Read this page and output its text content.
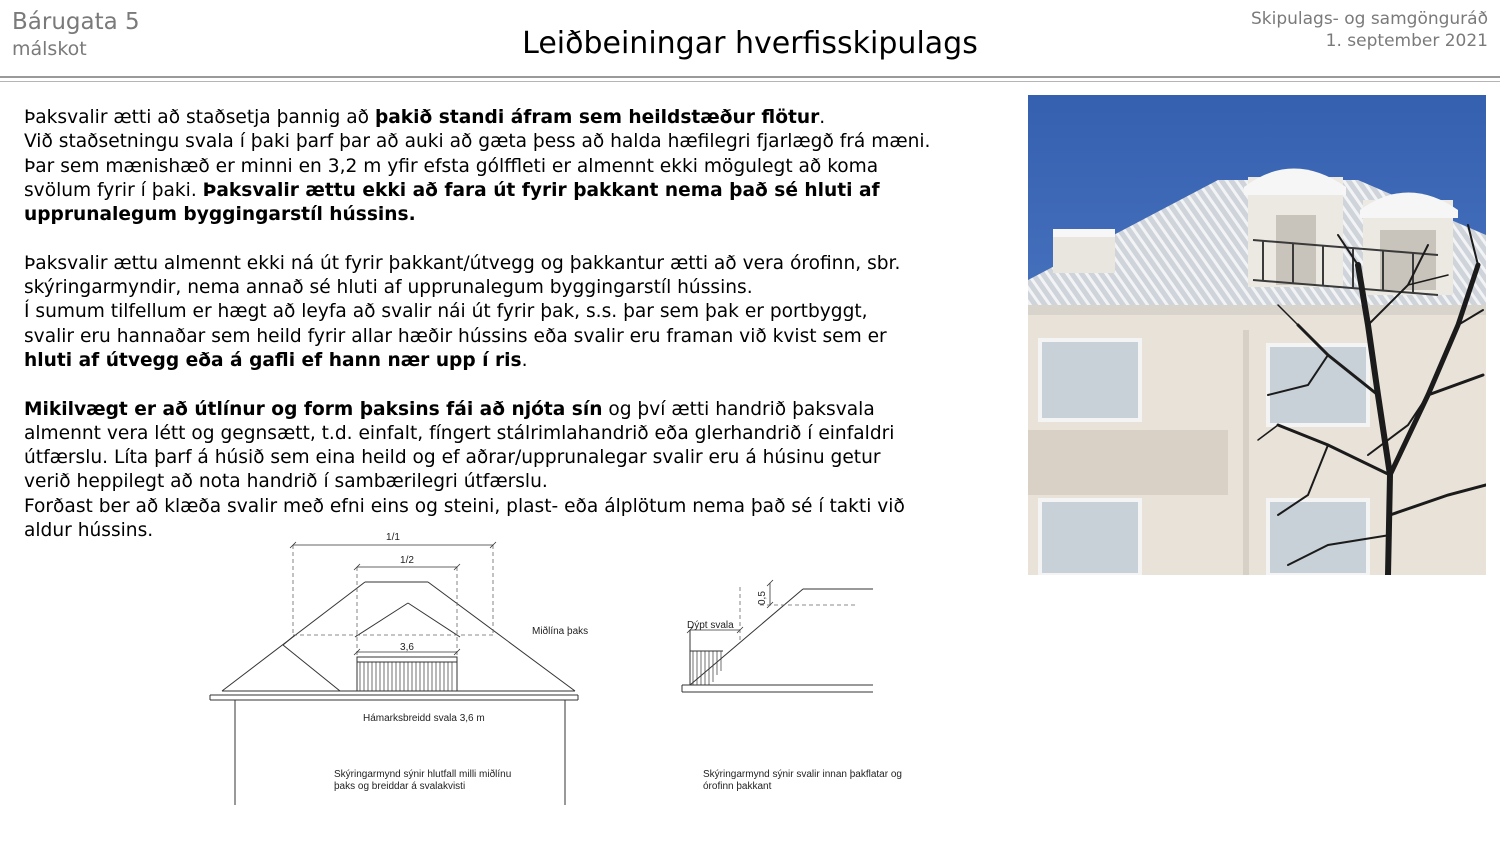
Bárugata 5
málskot	Leiðbeiningar hverfisskipulags
Skipulags- og samgönguráð
1. september 2021
Þaksvalir ætti að staðsetja þannig að þakið standi áfram sem heildstæður flötur.
Við staðsetningu svala í þaki þarf þar að auki að gæta þess að halda hæfilegri fjarlægð frá mæni.
Þar sem mænishæð er minni en 3,2 m yfir efsta gólffleti er almennt ekki mögulegt að koma
svölum fyrir í þaki. Þaksvalir ættu ekki að fara út fyrir þakkant nema það sé hluti af
upprunalegum byggingarstíl hússins.
Þaksvalir ættu almennt ekki ná út fyrir þakkant/útvegg og þakkantur ætti að vera órofinn, sbr.
skýringarmyndir, nema annað sé hluti af upprunalegum byggingarstíl hússins.
Í sumum tilfellum er hægt að leyfa að svalir nái út fyrir þak, s.s. þar sem þak er portbyggt,
svalir eru hannaðar sem heild fyrir allar hæðir hússins eða svalir eru framan við kvist sem er
hluti af útvegg eða á gafli ef hann nær upp í ris.
Mikilvægt er að útlínur og form þaksins fái að njóta sín og því ætti handrið þaksvala
almennt vera létt og gegnsætt, t.d. einfalt, fíngert stálrimlahandrið eða glerhandrið í einfaldri
útfærslu. Líta þarf á húsið sem eina heild og ef aðrar/upprunalegar svalir eru á húsinu getur
verið heppilegt að nota handrið í sambærilegri útfærslu.
Forðast ber að klæða svalir með efni eins og steini, plast- eða álplötum nema það sé í takti við
aldur hússins.	1/1
1/2
3,6
Miðlína þaks
Hámarksbreidd svala 3,6 m
Skýringarmynd sýnir hlutfall milli miðlínu
þaks og breiddar á svalakvisti
Dýpt svala
0,5
Skýringarmynd sýnir svalir innan þakflatar og
órofinn þakkant
